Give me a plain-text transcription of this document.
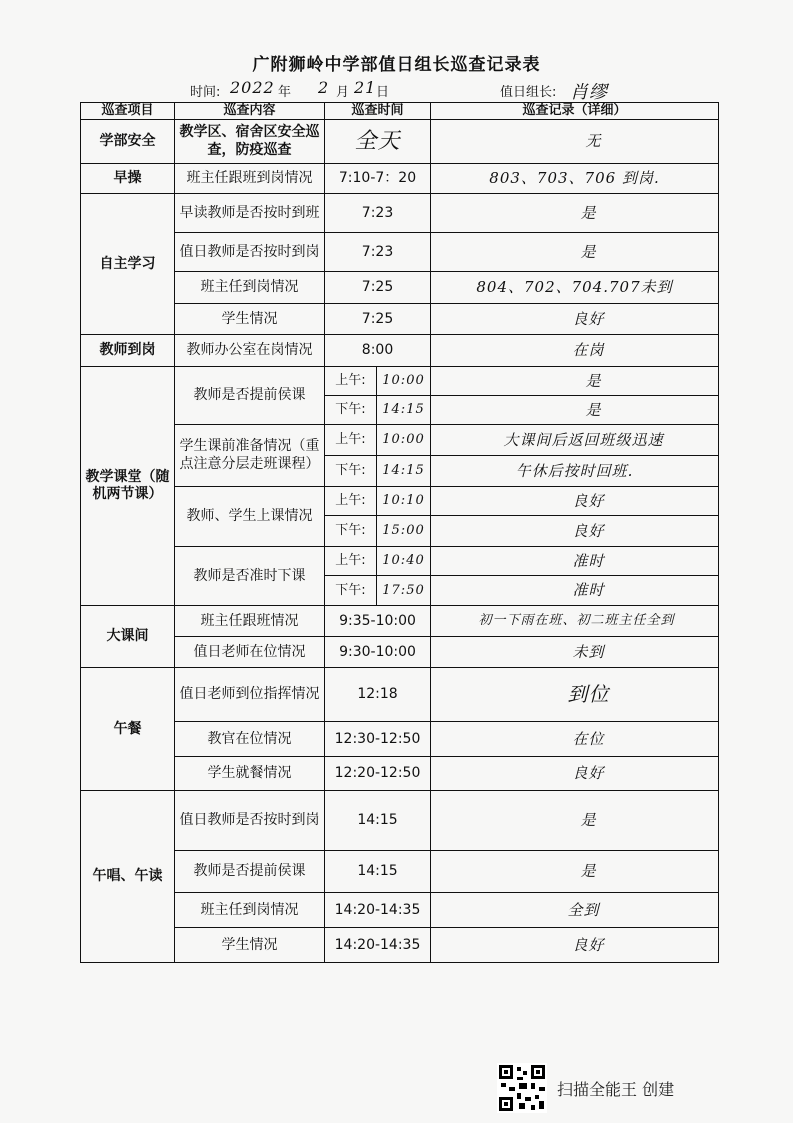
广附狮岭中学部值日组长巡查记录表
时间: 2022 年 2 月 21 日	值日组长: 肖缪
巡查项目	巡查内容	巡查时间		巡查记录（详细）
学部安全	教学区、宿舍区安全巡查，防疫巡查	全天		无
早操	班主任跟班到岗情况	7:10-7：20		803、703、706 到岗.
自主学习	早读教师是否按时到班	7:23		是
	值日教师是否按时到岗	7:23		是
	班主任到岗情况	7:25		804、702、704.707未到
	学生情况	7:25		良好
教师到岗	教师办公室在岗情况	8:00		在岗
教学课堂（随机两节课）	教师是否提前侯课	上午:	10:00	是
		下午:	14:15	是
	学生课前准备情况（重点注意分层走班课程）	上午:	10:00	大课间后返回班级迅速
		下午:	14:15	午休后按时回班.
	教师、学生上课情况	上午:	10:10	良好
		下午:	15:00	良好
	教师是否准时下课	上午:	10:40	准时
		下午:	17:50	准时
大课间	班主任跟班情况	9:35-10:00		初一下雨在班、初二班主任全到
	值日老师在位情况	9:30-10:00		未到
午餐	值日老师到位指挥情况	12:18		到位
	教官在位情况	12:30-12:50		在位
	学生就餐情况	12:20-12:50		良好
午唱、午读	值日教师是否按时到岗	14:15		是
	教师是否提前侯课	14:15		是
	班主任到岗情况	14:20-14:35		全到
	学生情况	14:20-14:35		良好
扫描全能王 创建
